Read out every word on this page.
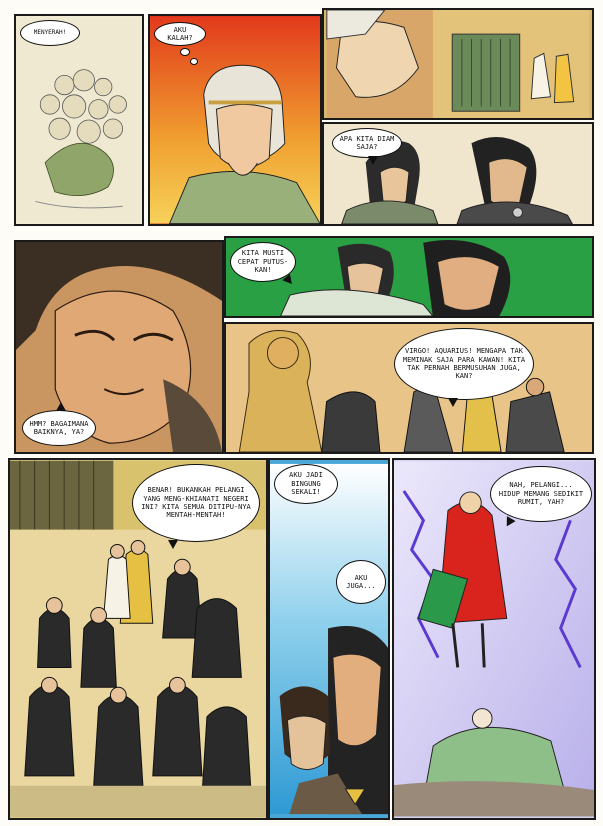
MENYERAH!	AKU KALAH?
APA KITA DIAM SAJA?
HMM? BAGAIMANA BAIKNYA, YA?
KITA MUSTI CEPAT PUTUS-KAN!
VIRGO! AQUARIUS! MENGAPA TAK MEMINAK SAJA PARA KAWAN! KITA TAK PERNAH BERMUSUHAN JUGA, KAN?
BENAR! BUKANKAH PELANGI YANG MENG-KHIANATI NEGERI INI? KITA SEMUA DITIPU-NYA MENTAH-MENTAH!
AKU JADI BINGUNG SEKALI!
AKU JUGA...
NAH, PELANGI... HIDUP MEMANG SEDIKIT RUMIT, YAH?
